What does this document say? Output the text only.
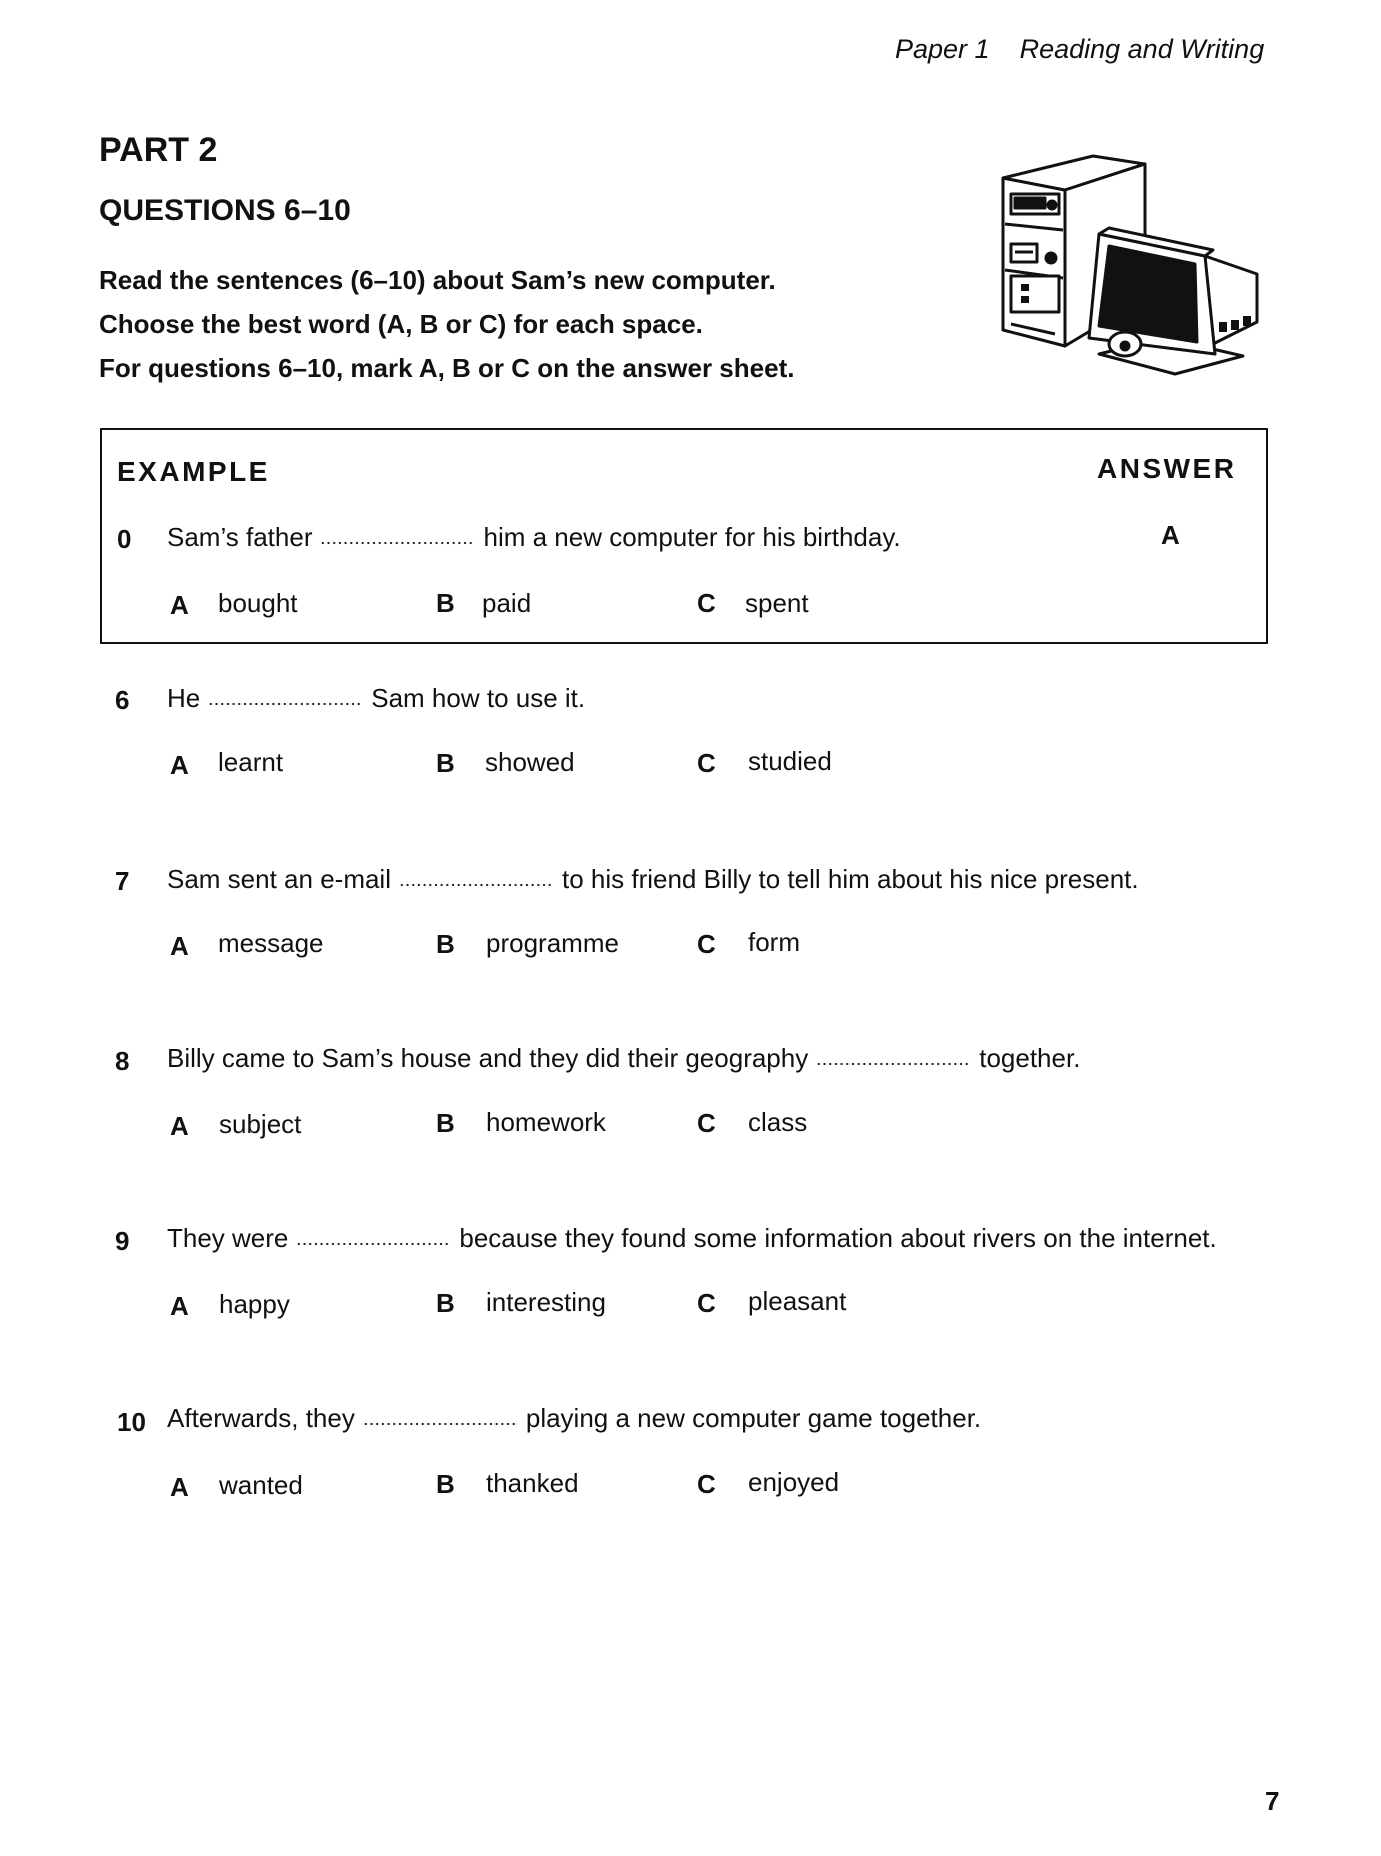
Paper 1 Reading and Writing
PART 2
QUESTIONS 6–10
Read the sentences (6–10) about Sam’s new computer.
Choose the best word (A, B or C) for each space.
For questions 6–10, mark A, B or C on the answer sheet.
EXAMPLE	ANSWER
0 Sam’s father	him a new computer for his birthday.	A
A bought	B paid	C spent
6 He	Sam how to use it.
A learnt	B showed	C studied
7 Sam sent an e-mail	to his friend Billy to tell him about his nice present.
A message	B programme	C form
8 Billy came to Sam’s house and they did their geography	together.
A subject	B homework	C class
9 They were	because they found some information about rivers on the internet.
A happy	B interesting	C pleasant
10 Afterwards, they	playing a new computer game together.
A wanted	B thanked	C enjoyed
7
